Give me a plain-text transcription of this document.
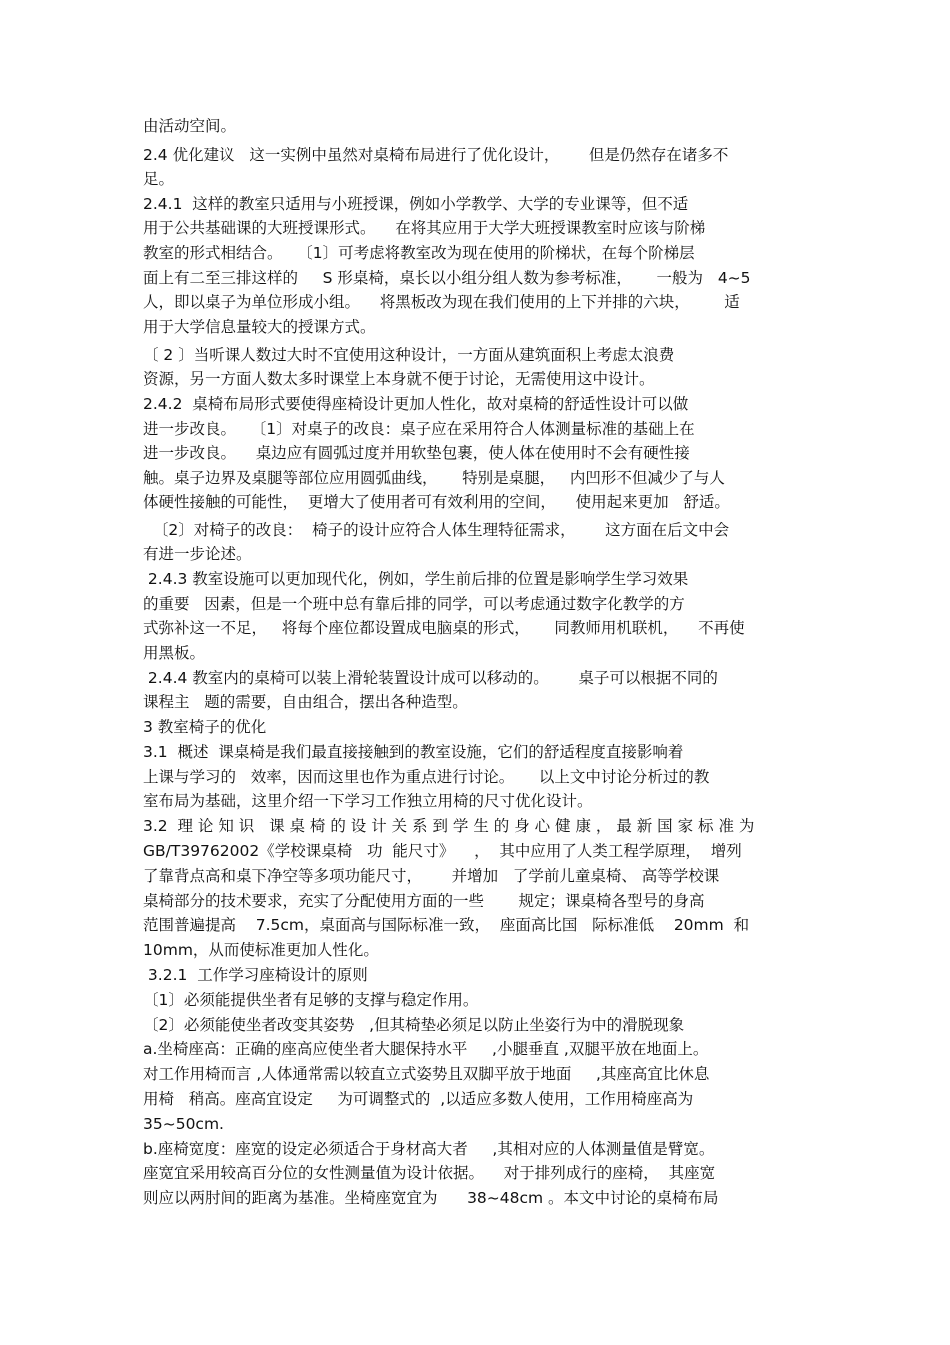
由活动空间。
2.4 优化建议   这一实例中虽然对桌椅布局进行了优化设计，      但是仍然存在诸多不
足。
2.4.1  这样的教室只适用与小班授课，例如小学教学、大学的专业课等，但不适
用于公共基础课的大班授课形式。    在将其应用于大学大班授课教室时应该与阶梯
教室的形式相结合。   〔1〕可考虑将教室改为现在使用的阶梯状，在每个阶梯层
面上有二至三排这样的     S 形桌椅，桌长以小组分组人数为参考标准，     一般为   4~5
人，即以桌子为单位形成小组。    将黑板改为现在我们使用的上下并排的六块，       适
用于大学信息量较大的授课方式。
〔 2 〕当听课人数过大时不宜使用这种设计，一方面从建筑面积上考虑太浪费
资源，另一方面人数太多时课堂上本身就不便于讨论，无需使用这中设计。
2.4.2  桌椅布局形式要使得座椅设计更加人性化，故对桌椅的舒适性设计可以做
进一步改良。   〔1〕对桌子的改良：桌子应在采用符合人体测量标准的基础上在
进一步改良。    桌边应有圆弧过度并用软垫包裹，使人体在使用时不会有硬性接
触。桌子边界及桌腿等部位应用圆弧曲线，     特别是桌腿，   内凹形不但减少了与人
体硬性接触的可能性，  更增大了使用者可有效利用的空间，    使用起来更加   舒适。
〔2〕对椅子的改良：  椅子的设计应符合人体生理特征需求，      这方面在后文中会
有进一步论述。
2.4.3 教室设施可以更加现代化，例如，学生前后排的位置是影响学生学习效果
的重要   因素，但是一个班中总有靠后排的同学，可以考虑通过数字化教学的方
式弥补这一不足，   将每个座位都设置成电脑桌的形式，     同教师用机联机，    不再使
用黑板。
2.4.4 教室内的桌椅可以装上滑轮装置设计成可以移动的。      桌子可以根据不同的
课程主   题的需要，自由组合，摆出各种造型。
3 教室椅子的优化
3.1  概述  课桌椅是我们最直接接触到的教室设施，它们的舒适程度直接影响着
上课与学习的   效率，因而这里也作为重点进行讨论。     以上文中讨论分析过的教
室布局为基础，这里介绍一下学习工作独立用椅的尺寸优化设计。
3.2  理 论 知 识   课 桌 椅 的 设 计 关 系 到 学 生 的 身 心 健 康 ， 最 新 国 家 标 准 为
GB/T39762002《学校课桌椅   功  能尺寸》    ，  其中应用了人类工程学原理，  增列
了靠背点高和桌下净空等多项功能尺寸，      并增加   了学前儿童桌椅、 高等学校课
桌椅部分的技术要求，充实了分配使用方面的一些       规定；课桌椅各型号的身高
范围普遍提高    7.5cm，桌面高与国际标准一致，  座面高比国   际标准低    20mm  和
10mm，从而使标准更加人性化。
3.2.1  工作学习座椅设计的原则
〔1〕必须能提供坐者有足够的支撑与稳定作用。
〔2〕必须能使坐者改变其姿势   ,但其椅垫必须足以防止坐姿行为中的滑脱现象
a.坐椅座高：正确的座高应使坐者大腿保持水平     ,小腿垂直 ,双腿平放在地面上。
对工作用椅而言 ,人体通常需以较直立式姿势且双脚平放于地面     ,其座高宜比休息
用椅   稍高。座高宜设定     为可调整式的  ,以适应多数人使用，工作用椅座高为
35~50cm.
b.座椅宽度：座宽的设定必须适合于身材高大者     ,其相对应的人体测量值是臂宽。
座宽宜采用较高百分位的女性测量值为设计依据。    对于排列成行的座椅，  其座宽
则应以两肘间的距离为基准。坐椅座宽宜为      38~48cm 。本文中讨论的桌椅布局
